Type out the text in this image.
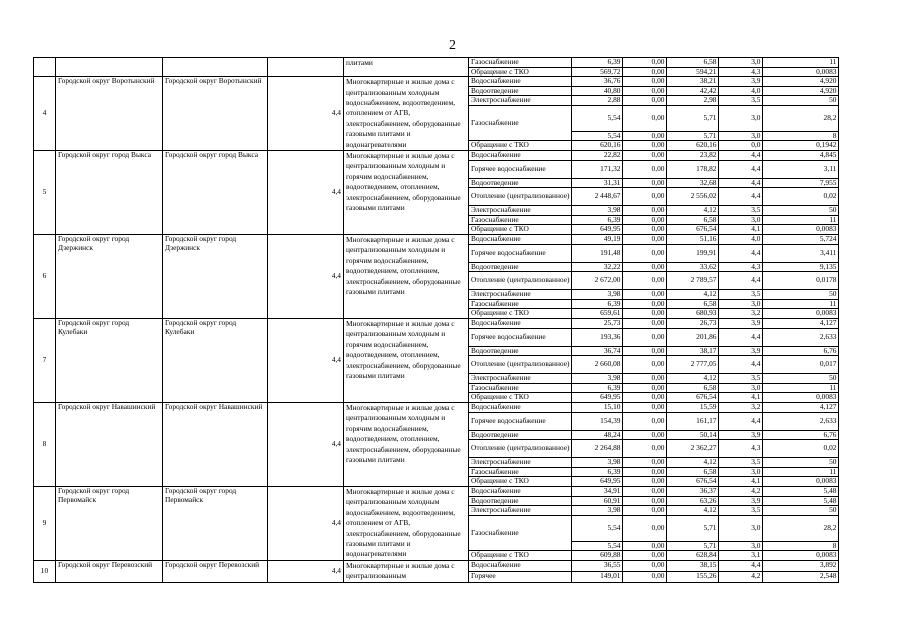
2
				плитами	Газоснабжение	6,39	0,00	6,58	3,0	11
					Обращение с ТКО	569,72	0,00	594,21	4,3	0,0083
4	Городской округ Воротынский	Городской округ Воротынский	4,4	Многоквартирные и жилые дома с централизованным холодным водоснабжением, водоотведением, отоплением от АГВ, электроснабжением, оборудованные газовыми плитами и водонагревателями	Водоснабжение	36,76	0,00	38,21	3,9	4,920
					Водоотведение	40,80	0,00	42,42	4,0	4,920
					Электроснабжение	2,88	0,00	2,98	3,5	50
					Газоснабжение	5,54	0,00	5,71	3,0	28,2
						5,54	0,00	5,71	3,0	8
					Обращение с ТКО	620,16	0,00	620,16	0,0	0,1942
5	Городской округ город Выкса	Городской округ город Выкса	4,4	Многоквартирные и жилые дома с централизованным холодным и горячим водоснабжением, водоотведением, отоплением, электроснабжением, оборудованные газовыми плитами	Водоснабжение	22,82	0,00	23,82	4,4	4,845
					Горячее водоснабжение	171,32	0,00	178,82	4,4	3,11
					Водоотведение	31,31	0,00	32,68	4,4	7,955
					Отопление (централизованное)	2 448,67	0,00	2 556,02	4,4	0,02
					Электроснабжение	3,98	0,00	4,12	3,5	50
					Газоснабжение	6,39	0,00	6,58	3,0	11
					Обращение с ТКО	649,95	0,00	676,54	4,1	0,0083
6	Городской округ город Дзержинск	Городской округ город Дзержинск	4,4	Многоквартирные и жилые дома с централизованным холодным и горячим водоснабжением, водоотведением, отоплением, электроснабжением, оборудованные газовыми плитами	Водоснабжение	49,19	0,00	51,16	4,0	5,724
					Горячее водоснабжение	191,48	0,00	199,91	4,4	3,411
					Водоотведение	32,22	0,00	33,62	4,3	9,135
					Отопление (централизованное)	2 672,00	0,00	2 789,57	4,4	0,0178
					Электроснабжение	3,98	0,00	4,12	3,5	50
					Газоснабжение	6,39	0,00	6,58	3,0	11
					Обращение с ТКО	659,61	0,00	680,93	3,2	0,0083
7	Городской округ город Кулебаки	Городской округ город Кулебаки	4,4	Многоквартирные и жилые дома с централизованным холодным и горячим водоснабжением, водоотведением, отоплением, электроснабжением, оборудованные газовыми плитами	Водоснабжение	25,73	0,00	26,73	3,9	4,127
					Горячее водоснабжение	193,36	0,00	201,86	4,4	2,633
					Водоотведение	36,74	0,00	38,17	3,9	6,76
					Отопление (централизованное)	2 660,08	0,00	2 777,05	4,4	0,017
					Электроснабжение	3,98	0,00	4,12	3,5	50
					Газоснабжение	6,39	0,00	6,58	3,0	11
					Обращение с ТКО	649,95	0,00	676,54	4,1	0,0083
8	Городской округ Навашинский	Городской округ Навашинский	4,4	Многоквартирные и жилые дома с централизованным холодным и горячим водоснабжением, водоотведением, отоплением, электроснабжением, оборудованные газовыми плитами	Водоснабжение	15,10	0,00	15,59	3,2	4,127
					Горячее водоснабжение	154,39	0,00	161,17	4,4	2,633
					Водоотведение	48,24	0,00	50,14	3,9	6,76
					Отопление (централизованное)	2 264,88	0,00	2 362,27	4,3	0,02
					Электроснабжение	3,98	0,00	4,12	3,5	50
					Газоснабжение	6,39	0,00	6,58	3,0	11
					Обращение с ТКО	649,95	0,00	676,54	4,1	0,0083
9	Городской округ город Первомайск	Городской округ город Первомайск	4,4	Многоквартирные и жилые дома с централизованным холодным водоснабжением, водоотведением, отоплением от АГВ, электроснабжением, оборудованные газовыми плитами и водонагревателями	Водоснабжение	34,91	0,00	36,37	4,2	5,48
					Водоотведение	60,91	0,00	63,26	3,9	5,48
					Электроснабжение	3,98	0,00	4,12	3,5	50
					Газоснабжение	5,54	0,00	5,71	3,0	28,2
						5,54	0,00	5,71	3,0	8
					Обращение с ТКО	609,88	0,00	628,84	3,1	0,0083
10	Городской округ Перевозский	Городской округ Перевозский	4,4	Многоквартирные и жилые дома с централизованным	Водоснабжение	36,55	0,00	38,15	4,4	3,892
					Горячее	149,01	0,00	155,26	4,2	2,548
